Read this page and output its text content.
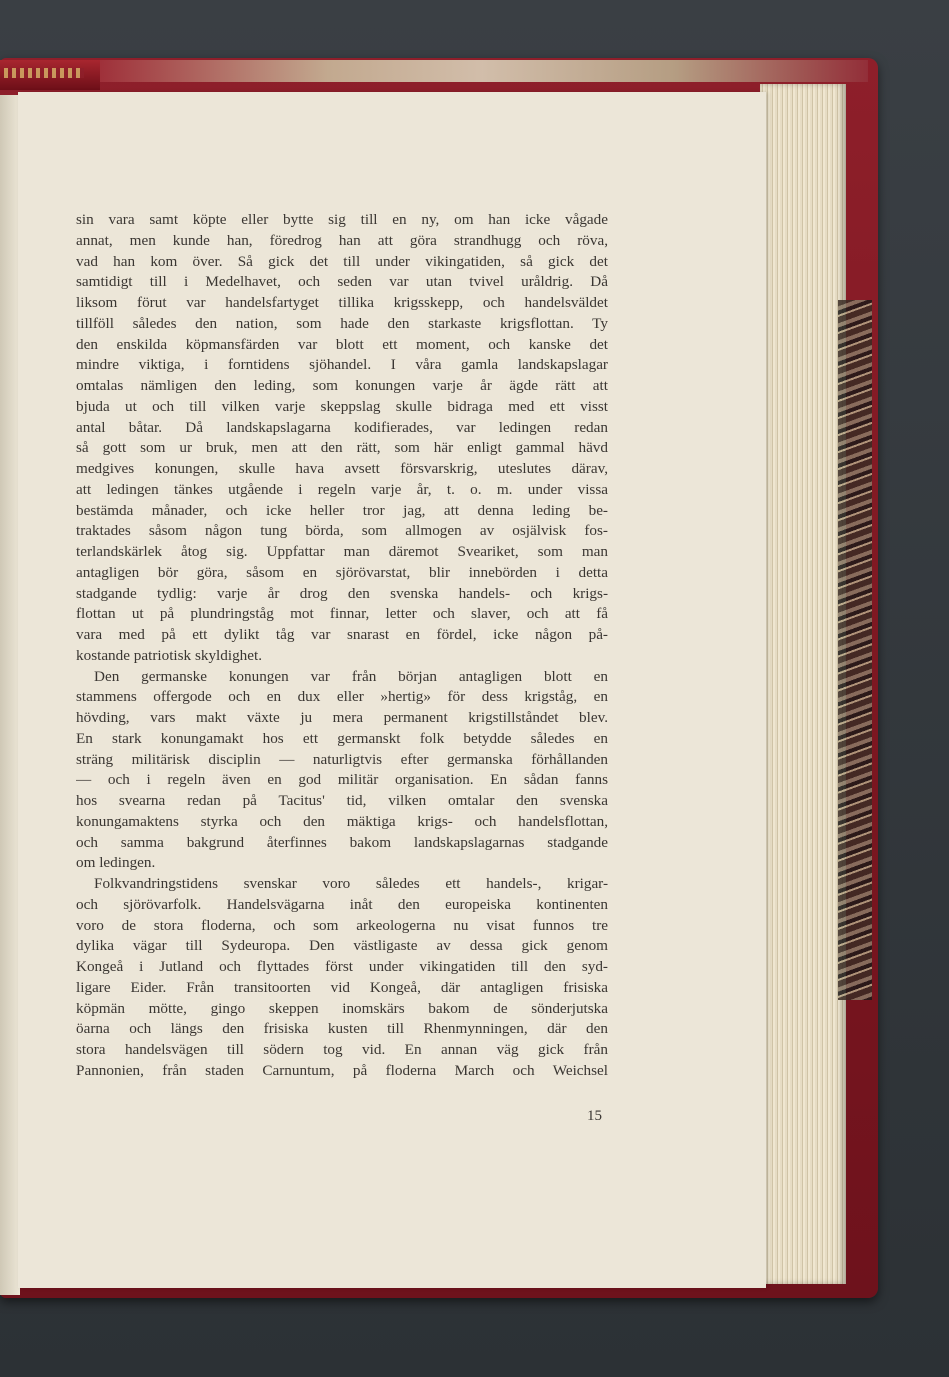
sin vara samt köpte eller bytte sig till en ny, om han icke vågade
annat, men kunde han, föredrog han att göra strandhugg och röva,
vad han kom över. Så gick det till under vikingatiden, så gick det
samtidigt till i Medelhavet, och seden var utan tvivel uråldrig. Då
liksom förut var handelsfartyget tillika krigsskepp, och handelsväldet
tillföll således den nation, som hade den starkaste krigsflottan. Ty
den enskilda köpmansfärden var blott ett moment, och kanske det
mindre viktiga, i forntidens sjöhandel. I våra gamla landskapslagar
omtalas nämligen den leding, som konungen varje år ägde rätt att
bjuda ut och till vilken varje skeppslag skulle bidraga med ett visst
antal båtar. Då landskapslagarna kodifierades, var ledingen redan
så gott som ur bruk, men att den rätt, som här enligt gammal hävd
medgives konungen, skulle hava avsett försvarskrig, uteslutes därav,
att ledingen tänkes utgående i regeln varje år, t. o. m. under vissa
bestämda månader, och icke heller tror jag, att denna leding be-
traktades såsom någon tung börda, som allmogen av osjälvisk fos-
terlandskärlek åtog sig. Uppfattar man däremot Sveariket, som man
antagligen bör göra, såsom en sjörövarstat, blir innebörden i detta
stadgande tydlig: varje år drog den svenska handels- och krigs-
flottan ut på plundringståg mot finnar, letter och slaver, och att få
vara med på ett dylikt tåg var snarast en fördel, icke någon på-
kostande patriotisk skyldighet.
Den germanske konungen var från början antagligen blott en
stammens offergode och en dux eller »hertig» för dess krigståg, en
hövding, vars makt växte ju mera permanent krigstillståndet blev.
En stark konungamakt hos ett germanskt folk betydde således en
sträng militärisk disciplin — naturligtvis efter germanska förhållanden
— och i regeln även en god militär organisation. En sådan fanns
hos svearna redan på Tacitus' tid, vilken omtalar den svenska
konungamaktens styrka och den mäktiga krigs- och handelsflottan,
och samma bakgrund återfinnes bakom landskapslagarnas stadgande
om ledingen.
Folkvandringstidens svenskar voro således ett handels-, krigar-
och sjörövarfolk. Handelsvägarna inåt den europeiska kontinenten
voro de stora floderna, och som arkeologerna nu visat funnos tre
dylika vägar till Sydeuropa. Den västligaste av dessa gick genom
Kongeå i Jutland och flyttades först under vikingatiden till den syd-
ligare Eider. Från transitoorten vid Kongeå, där antagligen frisiska
köpmän mötte, gingo skeppen inomskärs bakom de sönderjutska
öarna och längs den frisiska kusten till Rhenmynningen, där den
stora handelsvägen till södern tog vid. En annan väg gick från
Pannonien, från staden Carnuntum, på floderna March och Weichsel
15
